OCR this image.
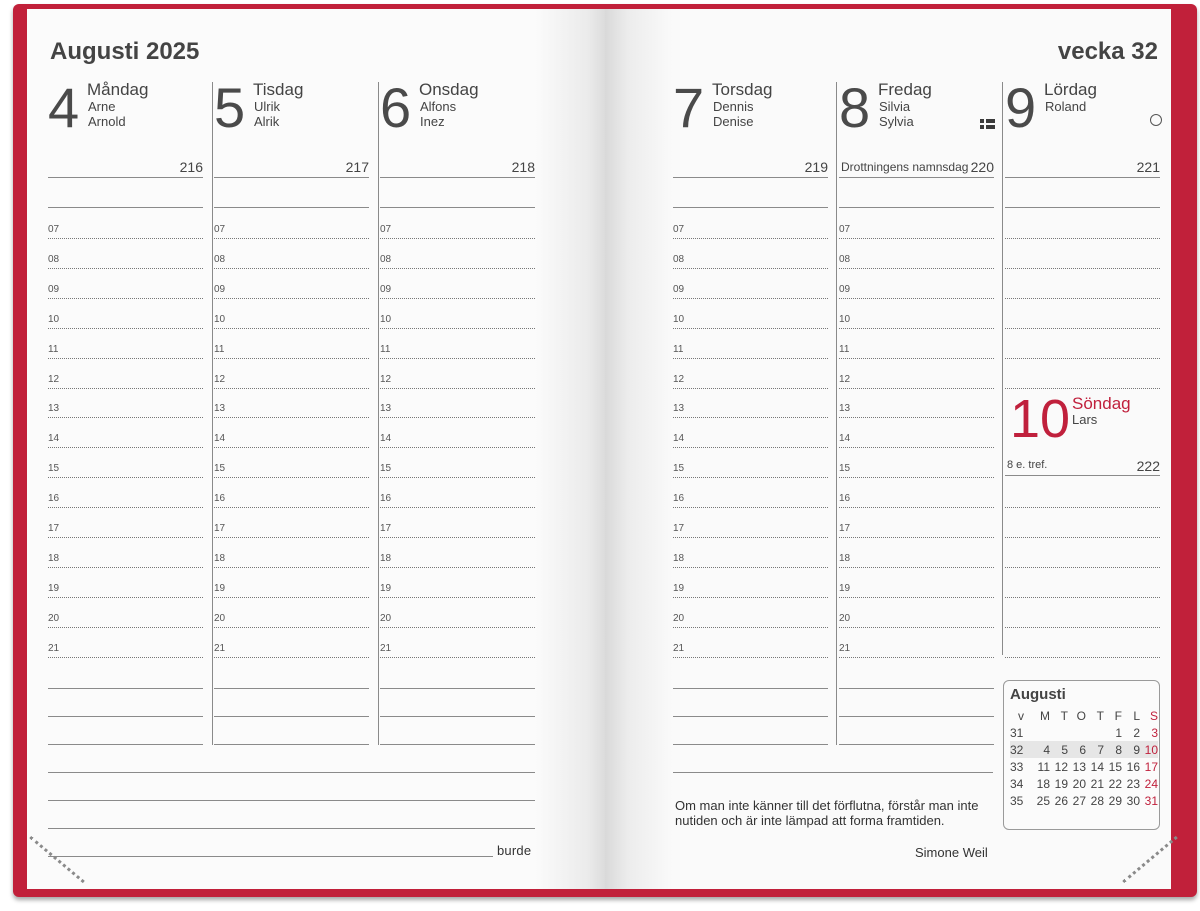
Augusti 2025	vecka 32
4 Måndag
Arne
Arnold
216
07
08
09
10
11
12
13
14
15
16
17
18
19
20
21
5 Tisdag
Ulrik
Alrik
217
07
08
09
10
11
12
13
14
15
16
17
18
19
20
21
6 Onsdag
Alfons
Inez
218
07
08
09
10
11
12
13
14
15
16
17
18
19
20
21
7 Torsdag
Dennis
Denise
219
07
08
09
10
11
12
13
14
15
16
17
18
19
20
21
8 Fredag
Silvia
Sylvia
220
Drottningens namnsdag
07
08
09
10
11
12
13
14
15
16
17
18
19
20
21
9 Lördag
Roland
221
10 Söndag
Lars
8 e. tref.	222
Augusti
v	M	T	O	T	F	L	S
31					1	2	3
32	4	5	6	7	8	9	10
33	11	12	13	14	15	16	17
34	18	19	20	21	22	23	24
35	25	26	27	28	29	30	31
Om man inte känner till det förflutna, förstår man inte nutiden och är inte lämpad att forma framtiden.
Simone Weil
burde
